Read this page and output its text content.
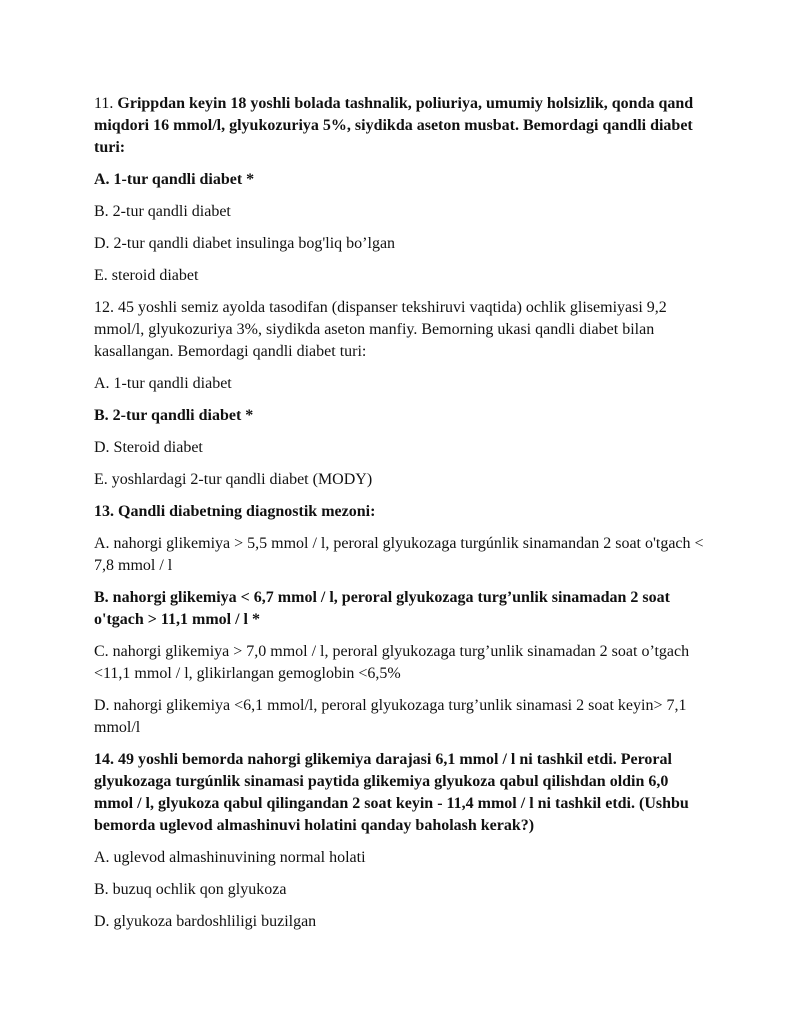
11. Grippdan keyin 18 yoshli bolada tashnalik, poliuriya, umumiy holsizlik, qonda qand miqdori 16 mmol/l, glyukozuriya 5%, siydikda aseton musbat. Bemordagi qandli diabet turi:

A. 1-tur qandli diabet *

B. 2-tur qandli diabet

D. 2-tur qandli diabet insulinga bog'liq bo’lgan

E. steroid diabet

12. 45 yoshli semiz ayolda tasodifan (dispanser tekshiruvi vaqtida) ochlik glisemiyasi 9,2 mmol/l, glyukozuriya 3%, siydikda aseton manfiy. Bemorning ukasi qandli diabet bilan kasallangan. Bemordagi qandli diabet turi:

A. 1-tur qandli diabet

B. 2-tur qandli diabet *

D. Steroid diabet

E. yoshlardagi 2-tur qandli diabet (MODY)

13. Qandli diabetning diagnostik mezoni:

A. nahorgi glikemiya > 5,5 mmol / l, peroral glyukozaga turgúnlik sinamandan 2 soat o'tgach < 7,8 mmol / l

B. nahorgi glikemiya < 6,7 mmol / l, peroral glyukozaga turg’unlik sinamadan 2 soat o'tgach > 11,1 mmol / l *

C. nahorgi glikemiya > 7,0 mmol / l, peroral glyukozaga turg’unlik sinamadan 2 soat o’tgach <11,1 mmol / l, glikirlangan gemoglobin <6,5%

D. nahorgi glikemiya <6,1 mmol/l, peroral glyukozaga turg’unlik sinamasi 2 soat keyin> 7,1 mmol/l

14. 49 yoshli bemorda nahorgi glikemiya darajasi 6,1 mmol / l ni tashkil etdi. Peroral glyukozaga turgúnlik sinamasi paytida glikemiya glyukoza qabul qilishdan oldin 6,0 mmol / l, glyukoza qabul qilingandan 2 soat keyin - 11,4 mmol / l ni tashkil etdi. (Ushbu bemorda uglevod almashinuvi holatini qanday baholash kerak?)

A. uglevod almashinuvining normal holati

B. buzuq ochlik qon glyukoza

D. glyukoza bardoshliligi buzilgan
